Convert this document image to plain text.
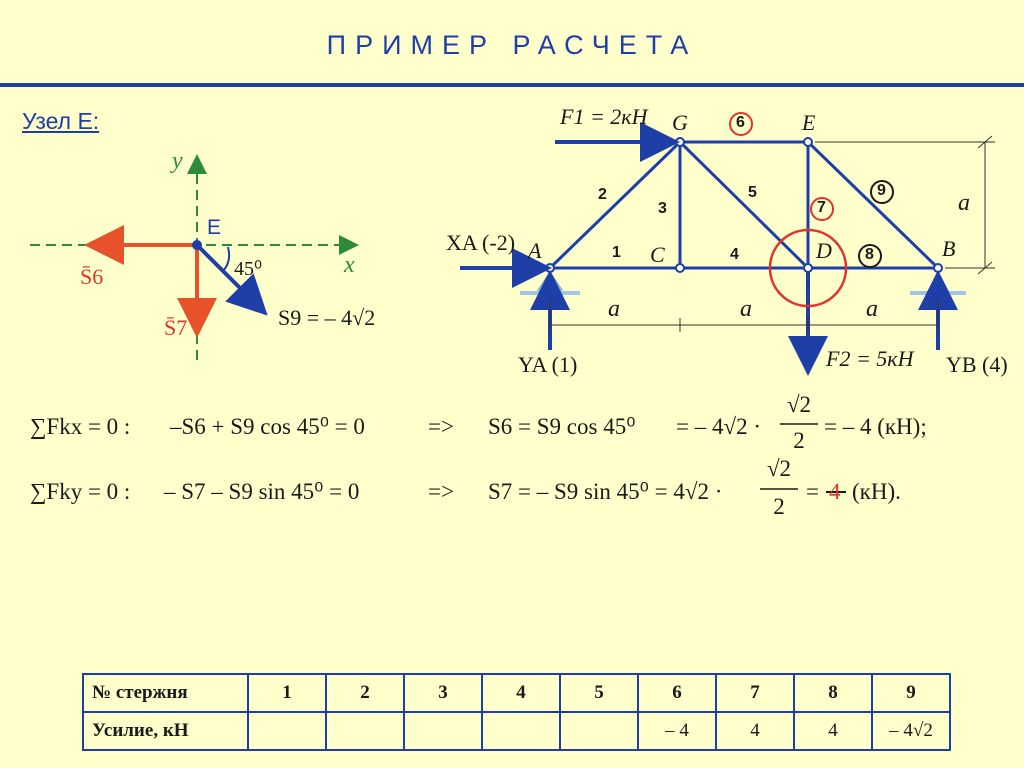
ПРИМЕР РАСЧЕТА
Узел E:
y
x
E
S̄6
S̄7
45⁰
S9 = – 4√2
F1 = 2кН
F2 = 5кН
XA (-2)
YA (1)	YB (4)
A	B
C	D
E
G
1
2
3
4
5
6
7
8
9
a	a	a
a
∑Fkx = 0 : –S6 + S9 cos 45⁰ = 0	=> S6 = S9 cos 45⁰ = – 4√2 ·
√2
2
= – 4 (кН);
∑Fky = 0 : – S7 – S9 sin 45⁰ = 0	=> S7 = – S9 sin 45⁰ = 4√2 ·
√2
2
= 4 (кН).
№ стержня	1	2	3	4	5	6	7	8	9
Усилие, кН						– 4	4	4	– 4√2
